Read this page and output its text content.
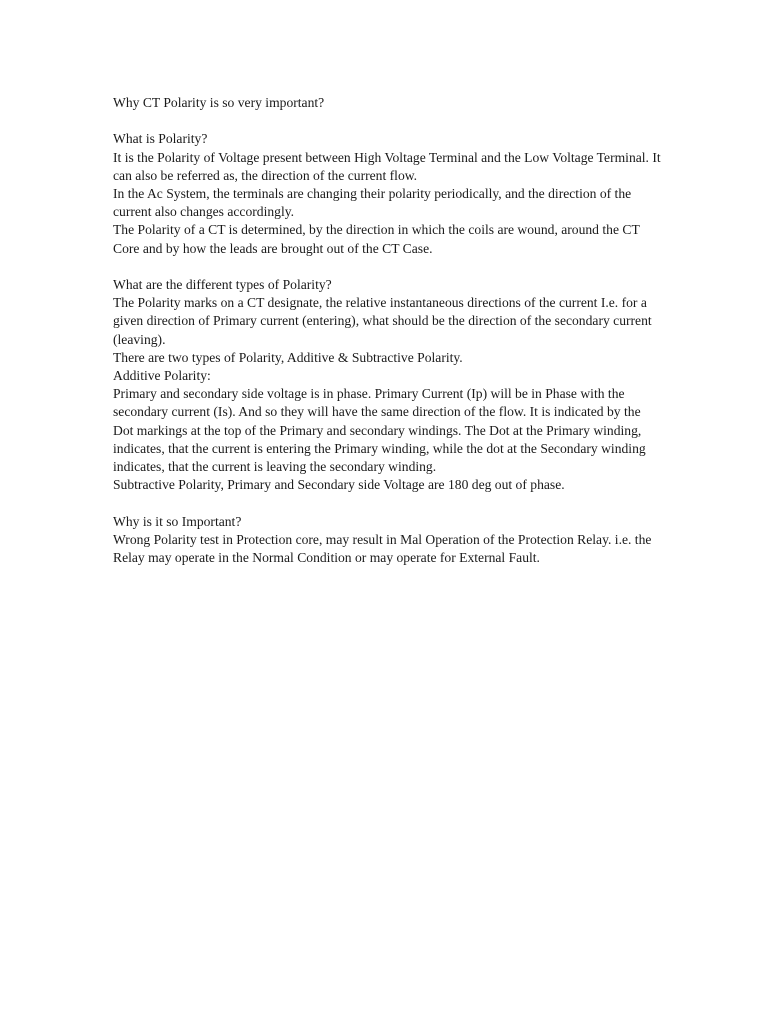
Why CT Polarity is so very important?

What is Polarity?

It is the Polarity of Voltage present between High Voltage Terminal and the Low Voltage Terminal. It can also be referred as, the direction of the current flow.

In the Ac System, the terminals are changing their polarity periodically, and the direction of the current also changes accordingly.

The Polarity of a CT is determined, by the direction in which the coils are wound, around the CT Core and by how the leads are brought out of the CT Case.

What are the different types of Polarity?

The Polarity marks on a CT designate, the relative instantaneous directions of the current I.e. for a given direction of Primary current (entering), what should be the direction of the secondary current (leaving).

There are two types of Polarity, Additive & Subtractive Polarity.

Additive Polarity:

Primary and secondary side voltage is in phase. Primary Current (Ip) will be in Phase with the secondary current (Is). And so they will have the same direction of the flow. It is indicated by the Dot markings at the top of the Primary and secondary windings. The Dot at the Primary winding, indicates, that the current is entering the Primary winding, while the dot at the Secondary winding indicates, that the current is leaving the secondary winding.

Subtractive Polarity, Primary and Secondary side Voltage are 180 deg out of phase.

Why is it so Important?

Wrong Polarity test in Protection core, may result in Mal Operation of the Protection Relay. i.e. the Relay may operate in the Normal Condition or may operate for External Fault.
